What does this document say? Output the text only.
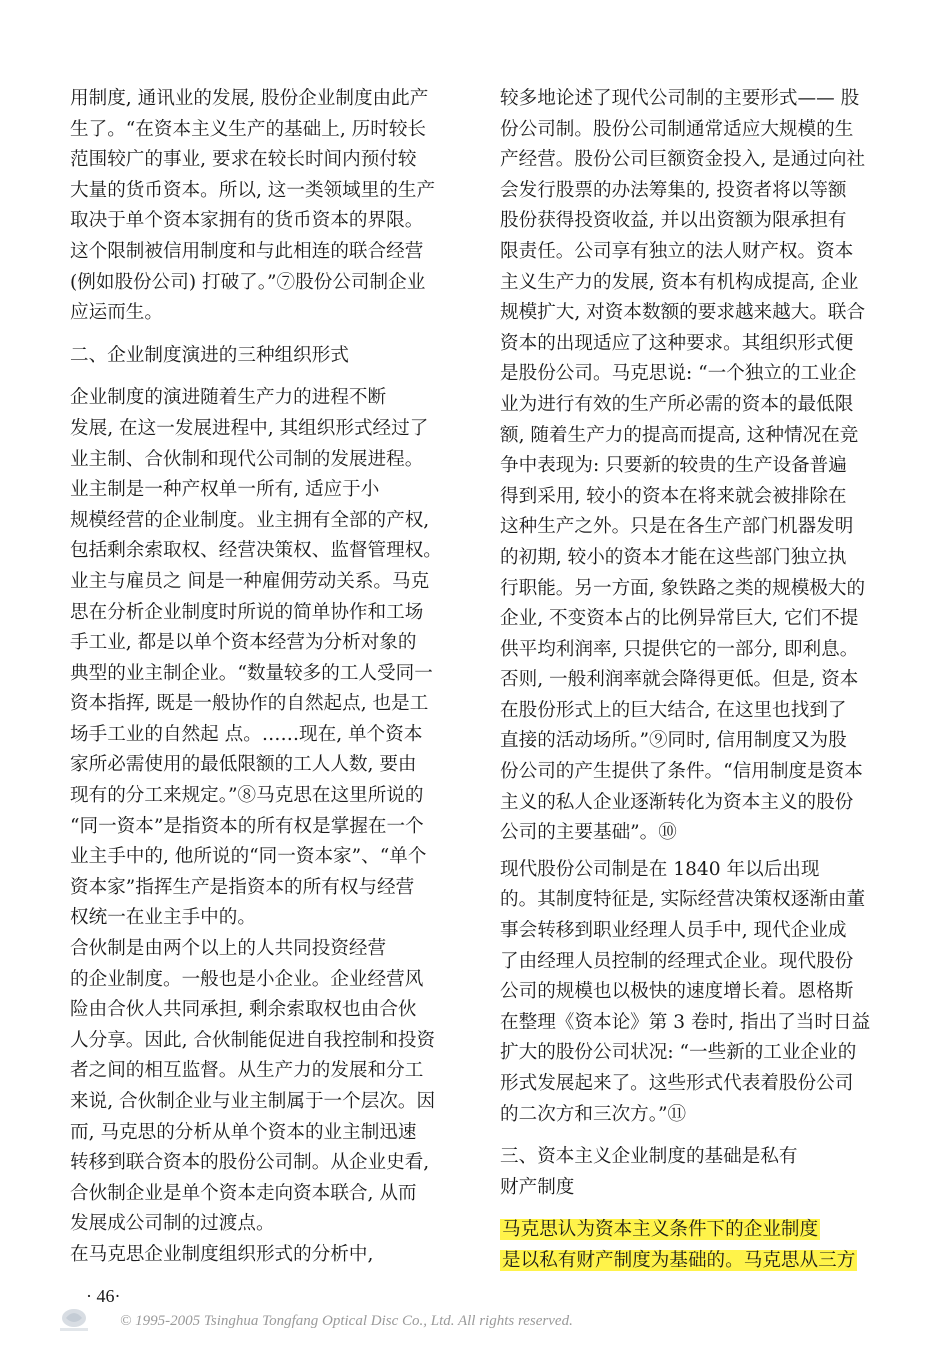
用制度, 通讯业的发展, 股份企业制度由此产
生了。“在资本主义生产的基础上, 历时较长
范围较广的事业, 要求在较长时间内预付较
大量的货币资本。所以, 这一类领域里的生产
取决于单个资本家拥有的货币资本的界限。
这个限制被信用制度和与此相连的联合经营
(例如股份公司) 打破了。”⑦股份公司制企业
应运而生。
二、企业制度演进的三种组织形式
企业制度的演进随着生产力的进程不断
发展, 在这一发展进程中, 其组织形式经过了
业主制、合伙制和现代公司制的发展进程。
业主制是一种产权单一所有, 适应于小
规模经营的企业制度。业主拥有全部的产权,
包括剩余索取权、经营决策权、监督管理权。
业主与雇员之 间是一种雇佣劳动关系。马克
思在分析企业制度时所说的简单协作和工场
手工业, 都是以单个资本经营为分析对象的
典型的业主制企业。“数量较多的工人受同一
资本指挥, 既是一般协作的自然起点, 也是工
场手工业的自然起 点。……现在, 单个资本
家所必需使用的最低限额的工人人数, 要由
现有的分工来规定。”⑧马克思在这里所说的
“同一资本”是指资本的所有权是掌握在一个
业主手中的, 他所说的“同一资本家”、“单个
资本家”指挥生产是指资本的所有权与经营
权统一在业主手中的。
合伙制是由两个以上的人共同投资经营
的企业制度。一般也是小企业。企业经营风
险由合伙人共同承担, 剩余索取权也由合伙
人分享。因此, 合伙制能促进自我控制和投资
者之间的相互监督。从生产力的发展和分工
来说, 合伙制企业与业主制属于一个层次。因
而, 马克思的分析从单个资本的业主制迅速
转移到联合资本的股份公司制。从企业史看,
合伙制企业是单个资本走向资本联合, 从而
发展成公司制的过渡点。
在马克思企业制度组织形式的分析中,
较多地论述了现代公司制的主要形式—— 股
份公司制。股份公司制通常适应大规模的生
产经营。股份公司巨额资金投入, 是通过向社
会发行股票的办法筹集的, 投资者将以等额
股份获得投资收益, 并以出资额为限承担有
限责任。公司享有独立的法人财产权。资本
主义生产力的发展, 资本有机构成提高, 企业
规模扩大, 对资本数额的要求越来越大。联合
资本的出现适应了这种要求。其组织形式便
是股份公司。马克思说: “一个独立的工业企
业为进行有效的生产所必需的资本的最低限
额, 随着生产力的提高而提高, 这种情况在竞
争中表现为: 只要新的较贵的生产设备普遍
得到采用, 较小的资本在将来就会被排除在
这种生产之外。只是在各生产部门机器发明
的初期, 较小的资本才能在这些部门独立执
行职能。另一方面, 象铁路之类的规模极大的
企业, 不变资本占的比例异常巨大, 它们不提
供平均利润率, 只提供它的一部分, 即利息。
否则, 一般利润率就会降得更低。但是, 资本
在股份形式上的巨大结合, 在这里也找到了
直接的活动场所。”⑨同时, 信用制度又为股
份公司的产生提供了条件。“信用制度是资本
主义的私人企业逐渐转化为资本主义的股份
公司的主要基础”。⑩
现代股份公司制是在 1840 年以后出现
的。其制度特征是, 实际经营决策权逐渐由董
事会转移到职业经理人员手中, 现代企业成
了由经理人员控制的经理式企业。现代股份
公司的规模也以极快的速度增长着。恩格斯
在整理《资本论》第 3 卷时, 指出了当时日益
扩大的股份公司状况: “一些新的工业企业的
形式发展起来了。这些形式代表着股份公司
的二次方和三次方。”⑪
三、资本主义企业制度的基础是私有
财产制度
马克思认为资本主义条件下的企业制度
是以私有财产制度为基础的。马克思从三方
· 46·
© 1995-2005 Tsinghua Tongfang Optical Disc Co., Ltd. All rights reserved.
